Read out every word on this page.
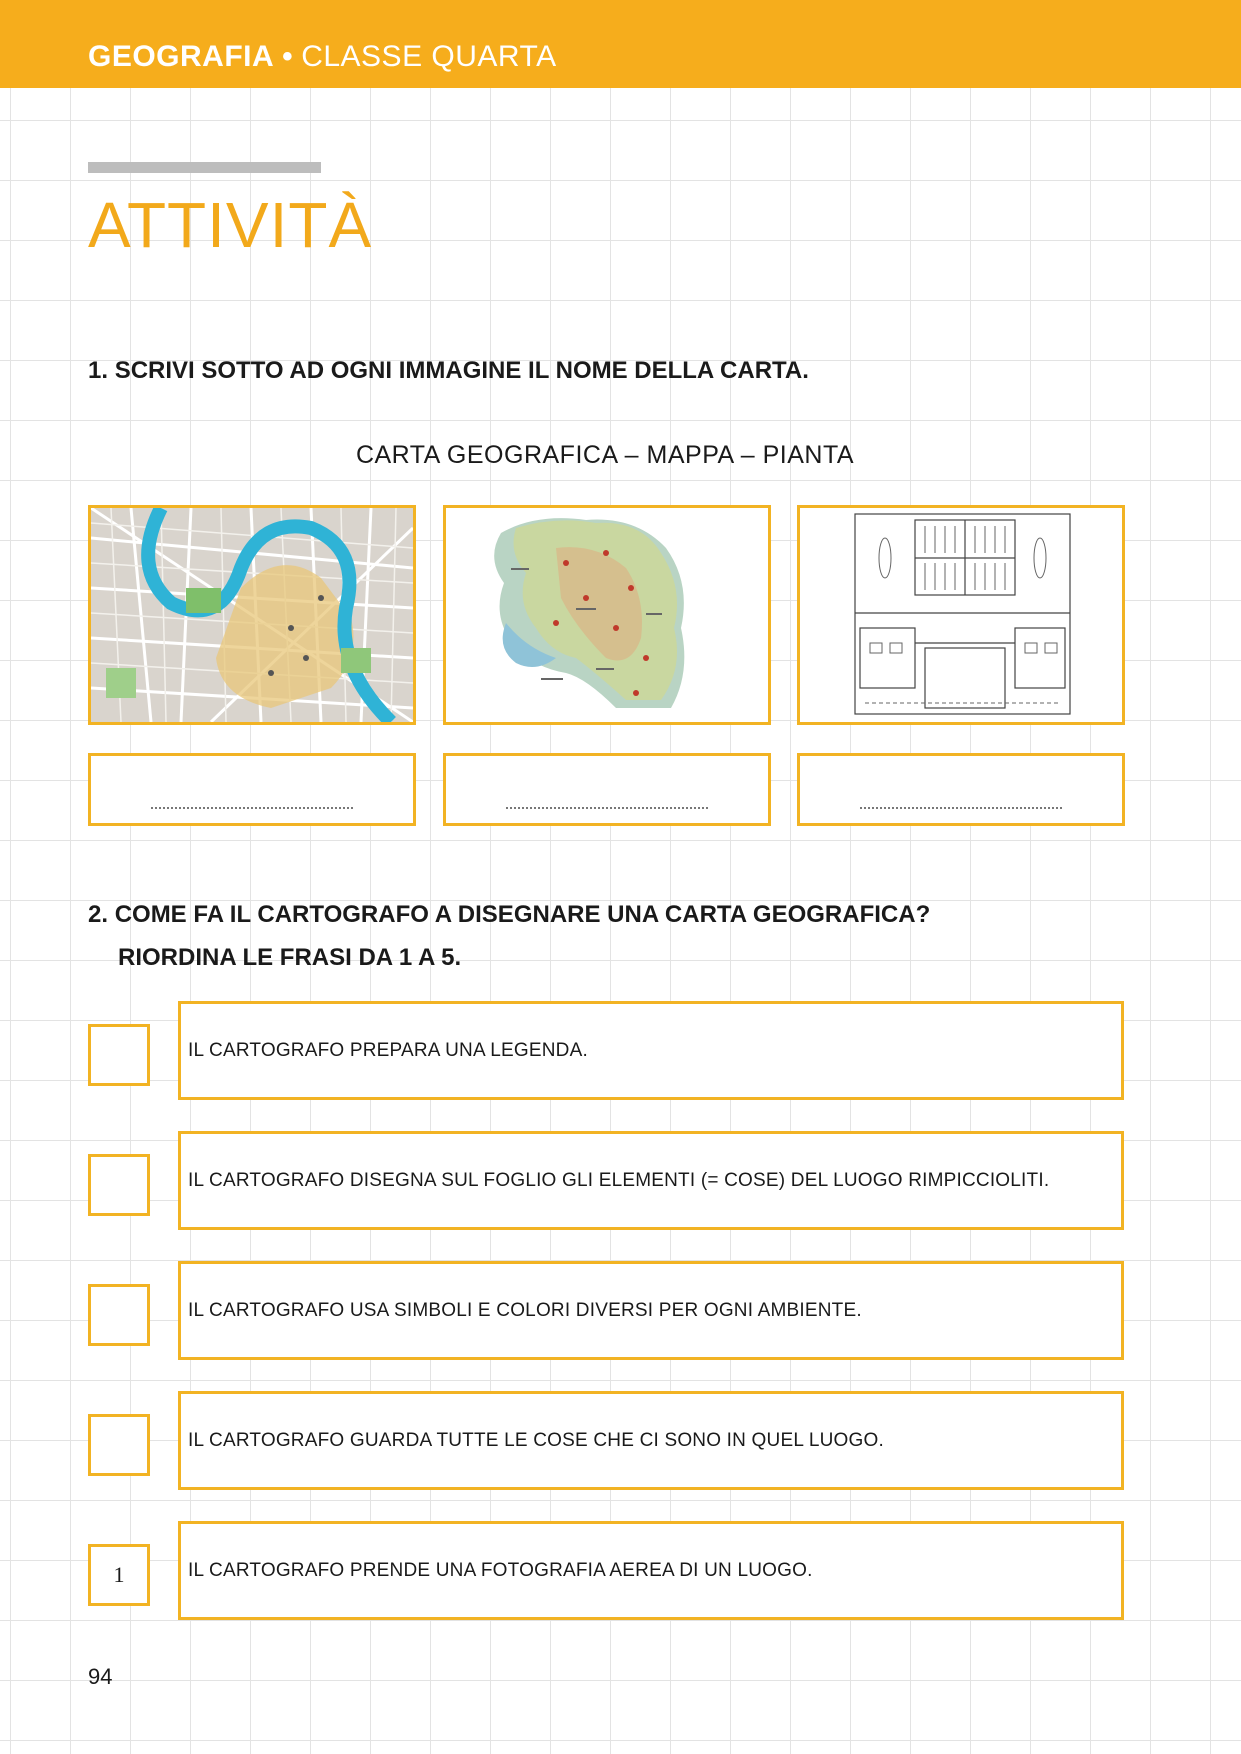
GEOGRAFIA • CLASSE QUARTA
ATTIVITÀ
1. SCRIVI SOTTO AD OGNI IMMAGINE IL NOME DELLA CARTA.
CARTA GEOGRAFICA – MAPPA – PIANTA
2. COME FA IL CARTOGRAFO A DISEGNARE UNA CARTA GEOGRAFICA?
RIORDINA LE FRASI DA 1 A 5.
IL CARTOGRAFO PREPARA UNA LEGENDA.
IL CARTOGRAFO DISEGNA SUL FOGLIO GLI ELEMENTI (= COSE) DEL LUOGO RIMPICCIOLITI.
IL CARTOGRAFO USA SIMBOLI E COLORI DIVERSI PER OGNI AMBIENTE.
IL CARTOGRAFO GUARDA TUTTE LE COSE CHE CI SONO IN QUEL LUOGO.
1	IL CARTOGRAFO PRENDE UNA FOTOGRAFIA AEREA DI UN LUOGO.
94
